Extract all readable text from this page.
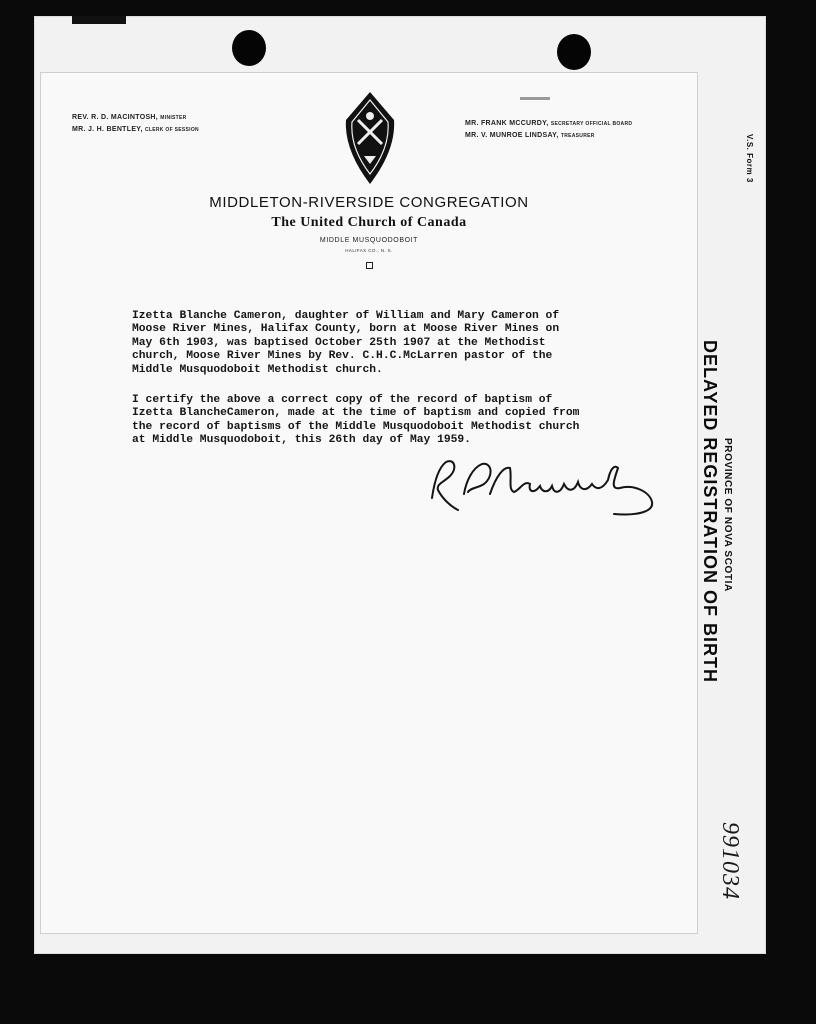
V.S. Form 3
REV. R. D. MACINTOSH, MINISTER
MR. J. H. BENTLEY, CLERK OF SESSION
MR. FRANK MCCURDY, SECRETARY OFFICIAL BOARD
MR. V. MUNROE LINDSAY, TREASURER
MIDDLETON-RIVERSIDE CONGREGATION
The United Church of Canada
MIDDLE MUSQUODOBOIT
HALIFAX CO., N. S.
Izetta Blanche Cameron, daughter of William and Mary Cameron of
Moose River Mines, Halifax County, born at Moose River Mines on
May 6th 1903, was baptised October 25th 1907 at the Methodist
church, Moose River Mines by Rev. C.H.C.McLarren pastor of the
Middle Musquodoboit Methodist church.
I certify the above a correct copy of the record of baptism of
Izetta BlancheCameron, made at the time of baptism and copied from
the record of baptisms of the Middle Musquodoboit Methodist church
at Middle Musquodoboit, this 26th day of May 1959.	PROVINCE OF NOVA SCOTIA
DELAYED REGISTRATION OF BIRTH
991034
